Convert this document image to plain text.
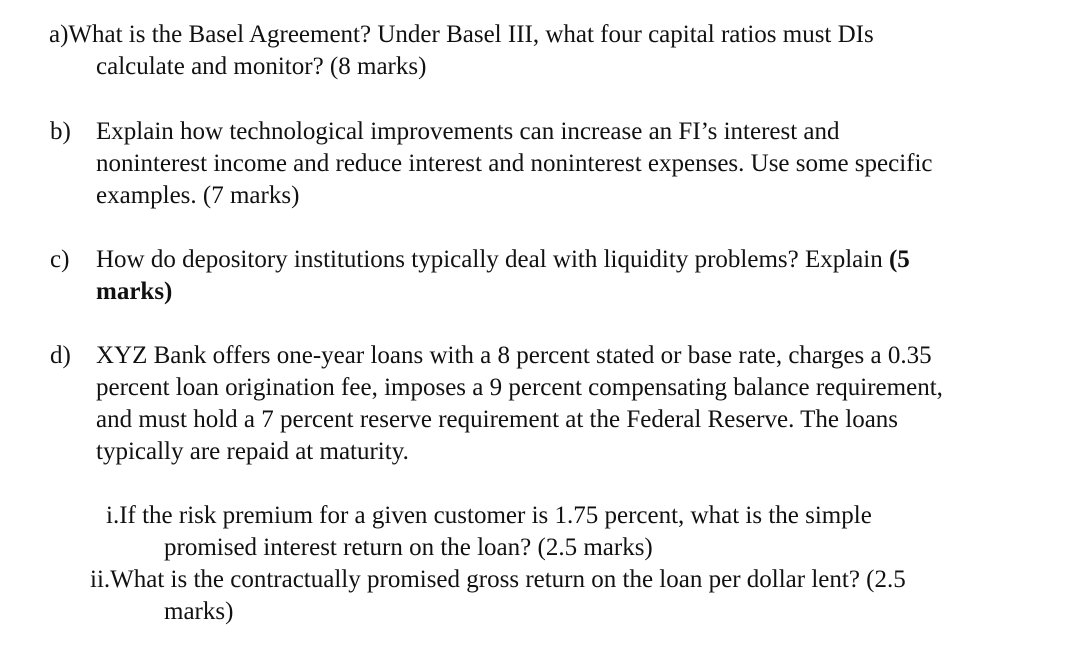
a)What is the Basel Agreement? Under Basel III, what four capital ratios must DIs
calculate and monitor? (8 marks)
b) Explain how technological improvements can increase an FI’s interest and
noninterest income and reduce interest and noninterest expenses. Use some specific
examples. (7 marks)
c) How do depository institutions typically deal with liquidity problems? Explain (5
marks)
d) XYZ Bank offers one-year loans with a 8 percent stated or base rate, charges a 0.35
percent loan origination fee, imposes a 9 percent compensating balance requirement,
and must hold a 7 percent reserve requirement at the Federal Reserve. The loans
typically are repaid at maturity.
i.If the risk premium for a given customer is 1.75 percent, what is the simple
promised interest return on the loan? (2.5 marks)
ii.What is the contractually promised gross return on the loan per dollar lent? (2.5
marks)
